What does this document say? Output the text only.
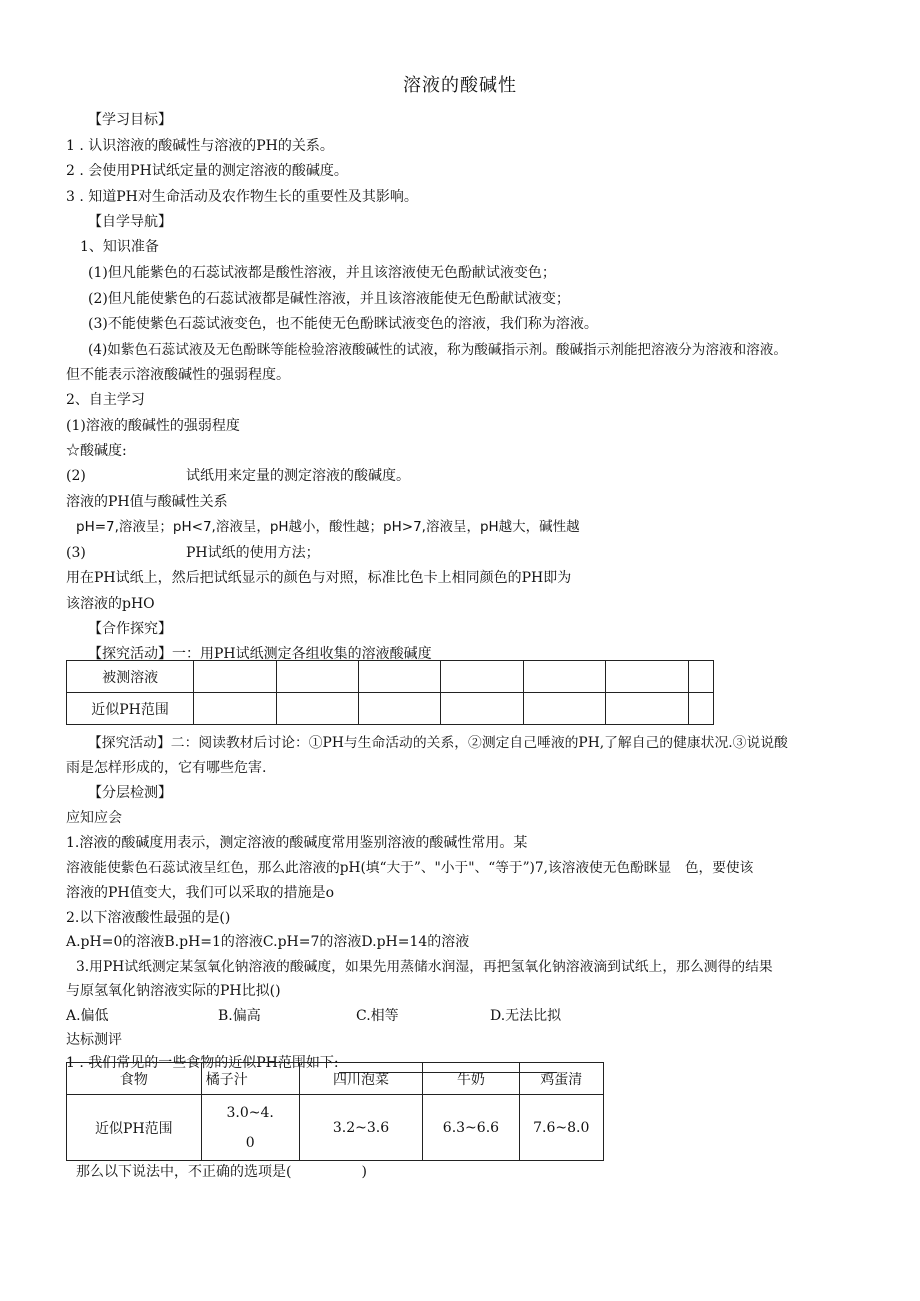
溶液的酸碱性
【学习目标】
1 . 认识溶液的酸碱性与溶液的PH的关系。
2 . 会使用PH试纸定量的测定溶液的酸碱度。
3 . 知道PH对生命活动及农作物生长的重要性及其影响。
【自学导航】
1、知识准备
(1)但凡能紫色的石蕊试液都是酸性溶液，并且该溶液使无色酚献试液变色；
(2)但凡能使紫色的石蕊试液都是碱性溶液，并且该溶液能使无色酚献试液变；
(3)不能使紫色石蕊试液变色，也不能使无色酚眯试液变色的溶液，我们称为溶液。
(4)如紫色石蕊试液及无色酚眯等能检验溶液酸碱性的试液，称为酸碱指示剂。酸碱指示剂能把溶液分为溶液和溶液。
但不能表示溶液酸碱性的强弱程度。
2、自主学习
(1)溶液的酸碱性的强弱程度
☆酸碱度:
(2)	试纸用来定量的测定溶液的酸碱度。
溶液的PH值与酸碱性关系
pH=7,溶液呈；pH<7,溶液呈，pH越小，酸性越；pH>7,溶液呈，pH越大，碱性越
(3)	PH试纸的使用方法；
用在PH试纸上，然后把试纸显示的颜色与对照，标准比色卡上相同颜色的PH即为
该溶液的pHO
【合作探究】
【探究活动】一：用PH试纸测定各组收集的溶液酸碱度
被测溶液							
近似PH范围							
【探究活动】二：阅读教材后讨论：①PH与生命活动的关系，②测定自己唾液的PH,了解自己的健康状况.③说说酸
雨是怎样形成的，它有哪些危害.
【分层检测】
应知应会
1.溶液的酸碱度用表示，测定溶液的酸碱度常用鉴别溶液的酸碱性常用。某
溶液能使紫色石蕊试液呈红色，那么此溶液的pH(填“大于”、"小于"、“等于”)7,该溶液使无色酚眯显　色，要使该
溶液的PH值变大，我们可以采取的措施是o
2.以下溶液酸性最强的是()
A.pH=0的溶液B.pH=1的溶液C.pH=7的溶液D.pH=14的溶液
3.用PH试纸测定某氢氧化钠溶液的酸碱度，如果先用蒸储水润湿，再把氢氧化钠溶液滴到试纸上，那么测得的结果
与原氢氧化钠溶液实际的PH比拟()
A.偏低	B.偏高	C.相等	D.无法比拟
达标测评
1 . 我们常见的一些食物的近似PH范围如下:
食物	橘子汁	四川泡菜	牛奶	鸡蛋清
近似PH范围	3.0~4.
0	3.2~3.6	6.3~6.6	7.6~8.0
那么以下说法中，不正确的选项是(　　　　　)
